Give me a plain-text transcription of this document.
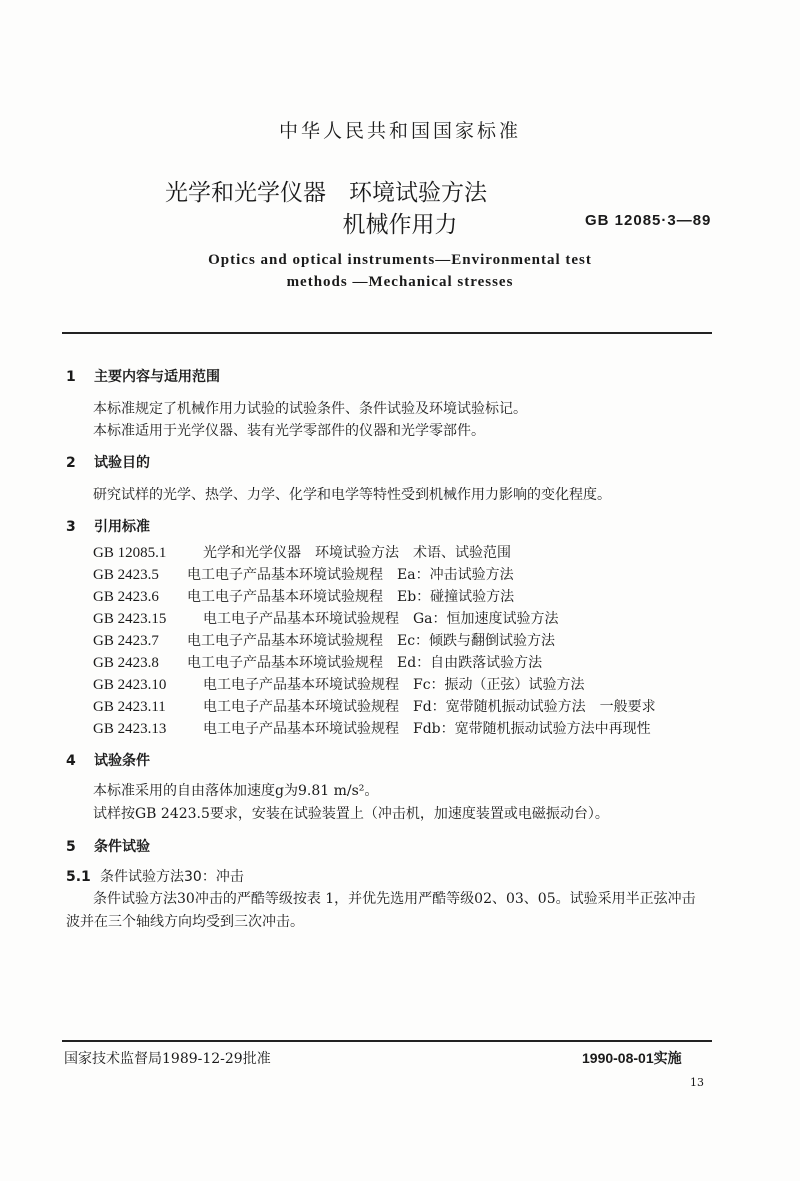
中华人民共和国国家标准
光学和光学仪器　环境试验方法
机械作用力	GB 12085·3—89
Optics and optical instruments—Environmental test
methods —Mechanical stresses
1 主要内容与适用范围
本标准规定了机械作用力试验的试验条件、条件试验及环境试验标记。
本标准适用于光学仪器、装有光学零部件的仪器和光学零部件。
2 试验目的
研究试样的光学、热学、力学、化学和电学等特性受到机械作用力影响的变化程度。
3 引用标准
GB 12085.1	光学和光学仪器　环境试验方法 术语、试验范围
GB 2423.5 电工电子产品基本环境试验规程 Ea：冲击试验方法
GB 2423.6 电工电子产品基本环境试验规程 Eb：碰撞试验方法
GB 2423.15	电工电子产品基本环境试验规程 Ga：恒加速度试验方法
GB 2423.7 电工电子产品基本环境试验规程 Ec：倾跌与翻倒试验方法
GB 2423.8 电工电子产品基本环境试验规程 Ed：自由跌落试验方法
GB 2423.10	电工电子产品基本环境试验规程 Fc：振动（正弦）试验方法
GB 2423.11	电工电子产品基本环境试验规程 Fd：宽带随机振动试验方法　一般要求
GB 2423.13	电工电子产品基本环境试验规程 Fdb：宽带随机振动试验方法中再现性
4 试验条件
本标准采用的自由落体加速度g为9.81 m/s²。
试样按GB 2423.5要求，安装在试验装置上（冲击机，加速度装置或电磁振动台）。
5 条件试验
5.1 条件试验方法30：冲击
条件试验方法30冲击的严酷等级按表 1，并优先选用严酷等级02、03、05。试验采用半正弦冲击
波并在三个轴线方向均受到三次冲击。
国家技术监督局1989-12-29批准	1990-08-01实施
13
